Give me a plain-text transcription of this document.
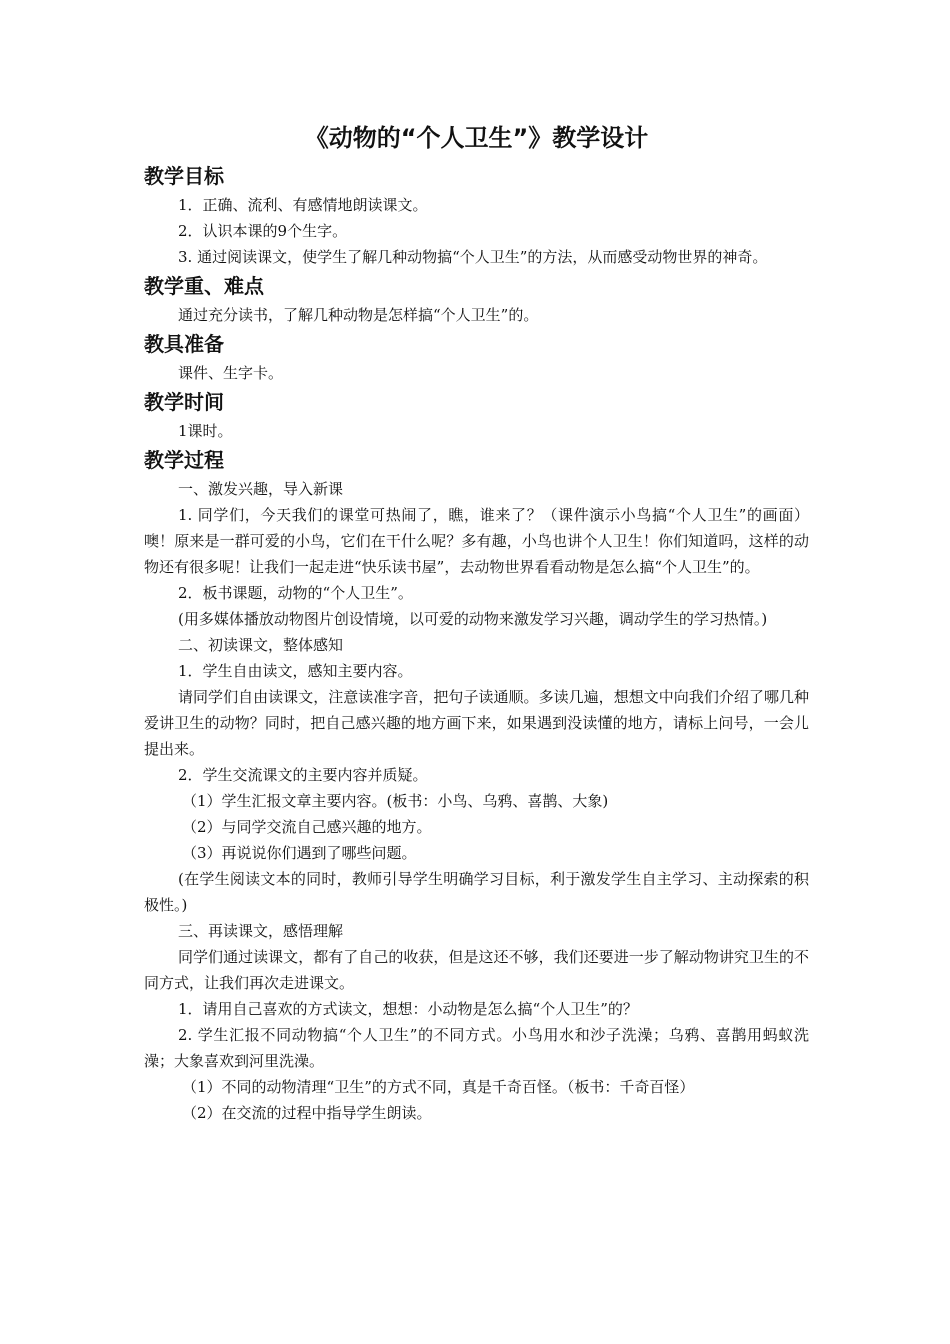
《动物的“个人卫生”》教学设计
教学目标

1．正确、流利、有感情地朗读课文。

2．认识本课的9个生字。

3. 通过阅读课文，使学生了解几种动物搞“个人卫生”的方法，从而感受动物世界的神奇。

教学重、难点

通过充分读书，了解几种动物是怎样搞“个人卫生”的。

教具准备

课件、生字卡。

教学时间

1课时。

教学过程

一、激发兴趣，导入新课

1. 同学们，今天我们的课堂可热闹了，瞧，谁来了？（课件演示小鸟搞“个人卫生”的画面）噢！原来是一群可爱的小鸟，它们在干什么呢？多有趣，小鸟也讲个人卫生！你们知道吗，这样的动物还有很多呢！让我们一起走进“快乐读书屋”，去动物世界看看动物是怎么搞“个人卫生”的。

2．板书课题，动物的“个人卫生”。

(用多媒体播放动物图片创设情境，以可爱的动物来激发学习兴趣，调动学生的学习热情。)

二、初读课文，整体感知

1．学生自由读文，感知主要内容。

请同学们自由读课文，注意读准字音，把句子读通顺。多读几遍，想想文中向我们介绍了哪几种爱讲卫生的动物？同时，把自己感兴趣的地方画下来，如果遇到没读懂的地方，请标上问号，一会儿提出来。

2．学生交流课文的主要内容并质疑。

（1）学生汇报文章主要内容。(板书：小鸟、乌鸦、喜鹊、大象)

（2）与同学交流自己感兴趣的地方。

（3）再说说你们遇到了哪些问题。

(在学生阅读文本的同时，教师引导学生明确学习目标，利于激发学生自主学习、主动探索的积极性。)

三、再读课文，感悟理解

同学们通过读课文，都有了自己的收获，但是这还不够，我们还要进一步了解动物讲究卫生的不同方式，让我们再次走进课文。

1．请用自己喜欢的方式读文，想想：小动物是怎么搞“个人卫生”的？

2. 学生汇报不同动物搞“个人卫生”的不同方式。小鸟用水和沙子洗澡；乌鸦、喜鹊用蚂蚁洗澡；大象喜欢到河里洗澡。

（1）不同的动物清理“卫生”的方式不同，真是千奇百怪。（板书：千奇百怪）

（2）在交流的过程中指导学生朗读。
